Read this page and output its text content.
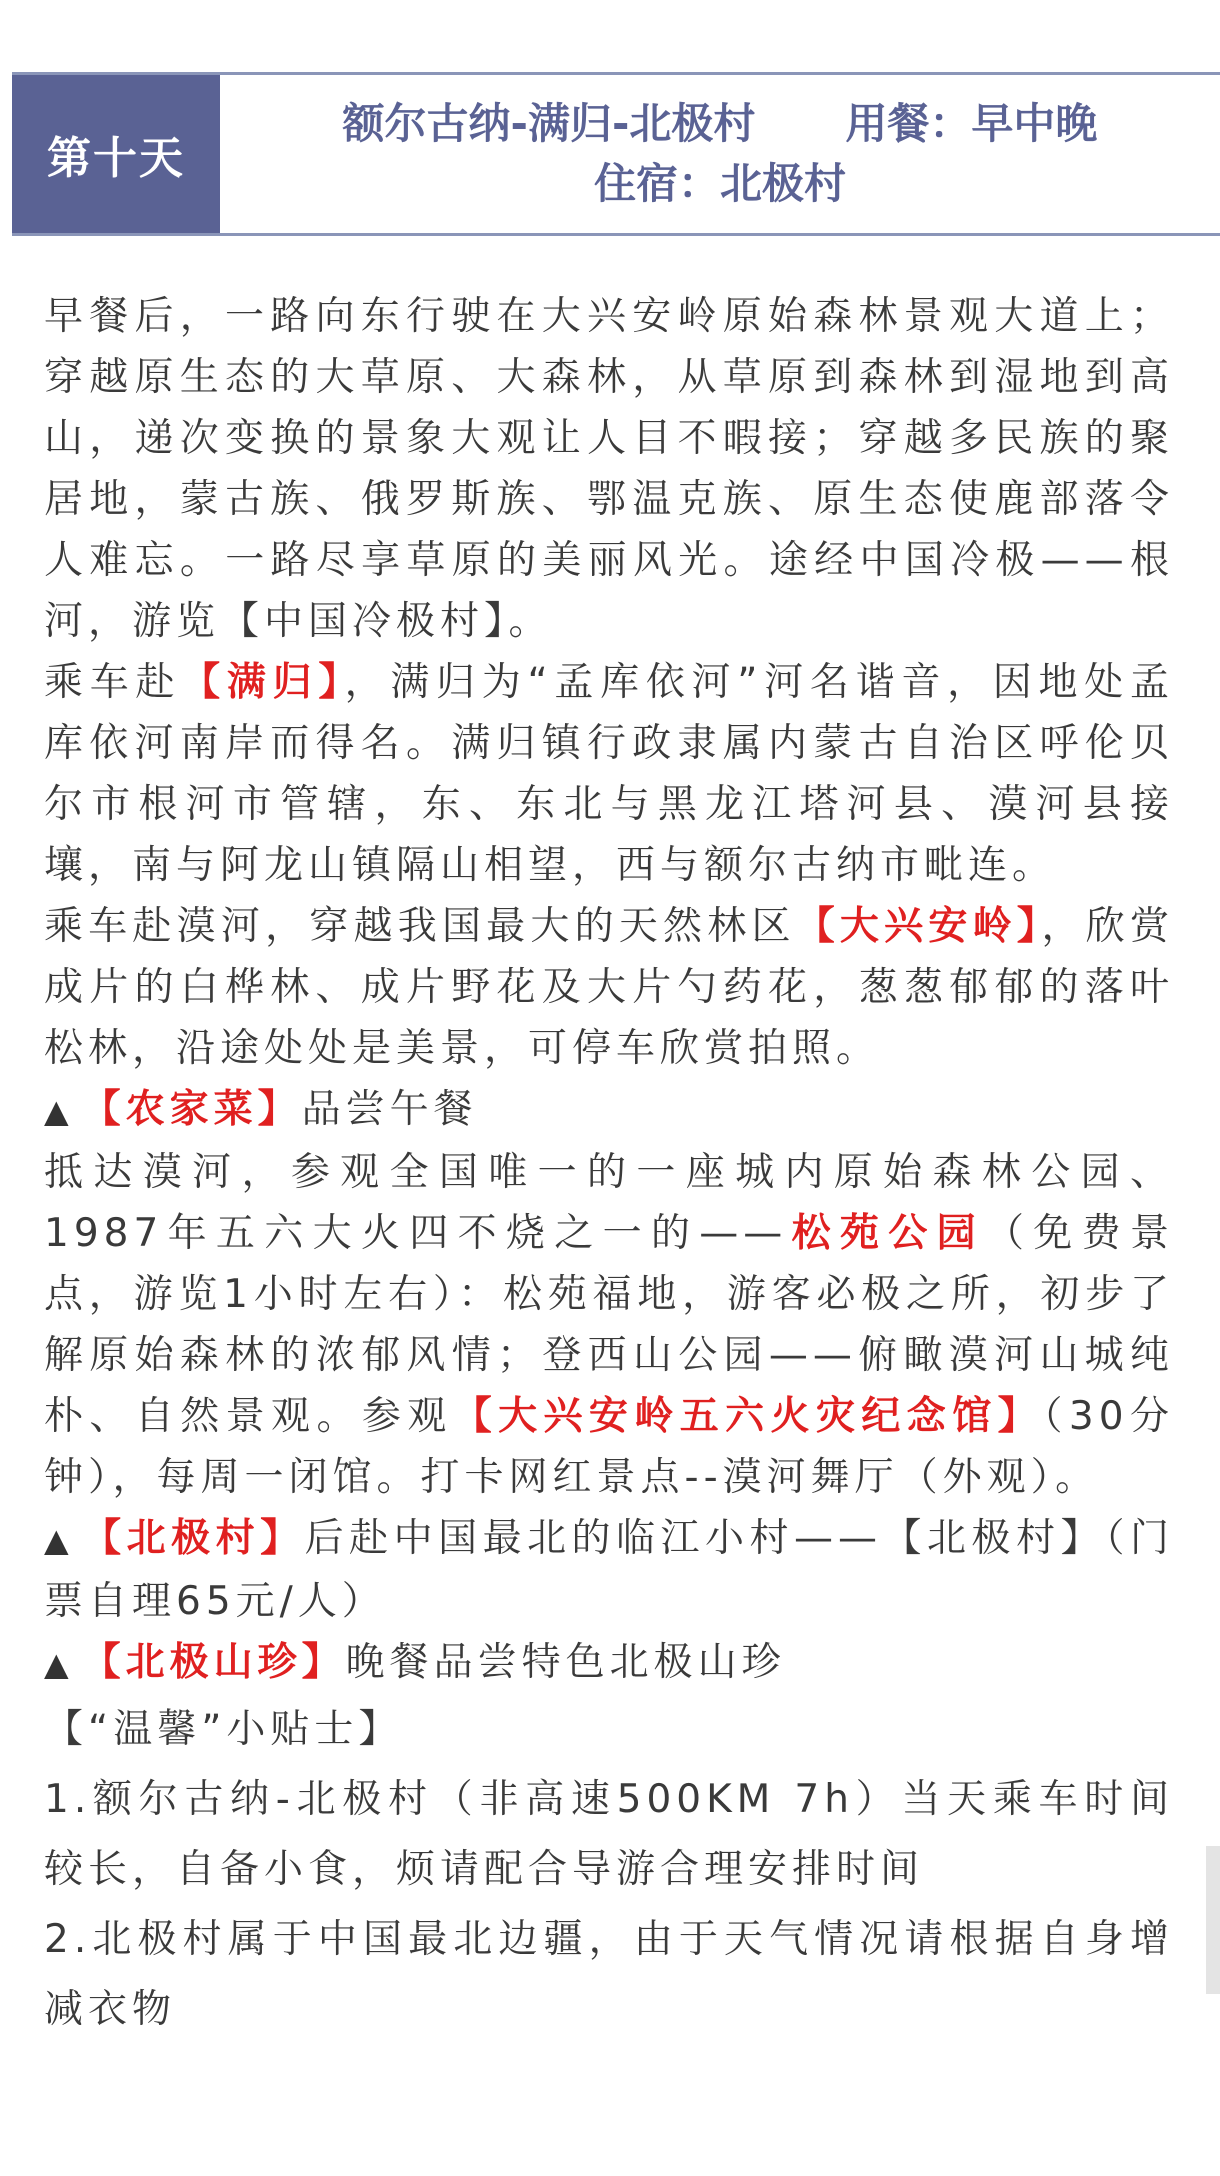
第十天
额尔古纳-满归-北极村 用餐：早中晚
住宿：北极村

早餐后，一路向东行驶在大兴安岭原始森林景观大道上；穿越原生态的大草原、大森林，从草原到森林到湿地到高山，递次变换的景象大观让人目不暇接；穿越多民族的聚居地，蒙古族、俄罗斯族、鄂温克族、原生态使鹿部落令人难忘。一路尽享草原的美丽风光。途经中国冷极——根河，游览【中国冷极村】。

乘车赴【满归】，满归为“孟库依河”河名谐音，因地处孟库依河南岸而得名。满归镇行政隶属内蒙古自治区呼伦贝尔市根河市管辖，东、东北与黑龙江塔河县、漠河县接壤，南与阿龙山镇隔山相望，西与额尔古纳市毗连。

乘车赴漠河，穿越我国最大的天然林区【大兴安岭】，欣赏成片的白桦林、成片野花及大片勺药花，葱葱郁郁的落叶松林，沿途处处是美景，可停车欣赏拍照。

▲ 【农家菜】品尝午餐

抵达漠河，参观全国唯一的一座城内原始森林公园、1987年五六大火四不烧之一的——松苑公园（免费景点，游览1小时左右）：松苑福地，游客必极之所，初步了解原始森林的浓郁风情；登西山公园——俯瞰漠河山城纯朴、自然景观。参观【大兴安岭五六火灾纪念馆】（30分钟），每周一闭馆。打卡网红景点--漠河舞厅（外观）。

▲ 【北极村】后赴中国最北的临江小村——【北极村】（门票自理65元/人）

▲ 【北极山珍】晚餐品尝特色北极山珍

【“温馨”小贴士】

1.额尔古纳-北极村（非高速500KM 7h）当天乘车时间较长，自备小食，烦请配合导游合理安排时间

2.北极村属于中国最北边疆，由于天气情况请根据自身增减衣物
